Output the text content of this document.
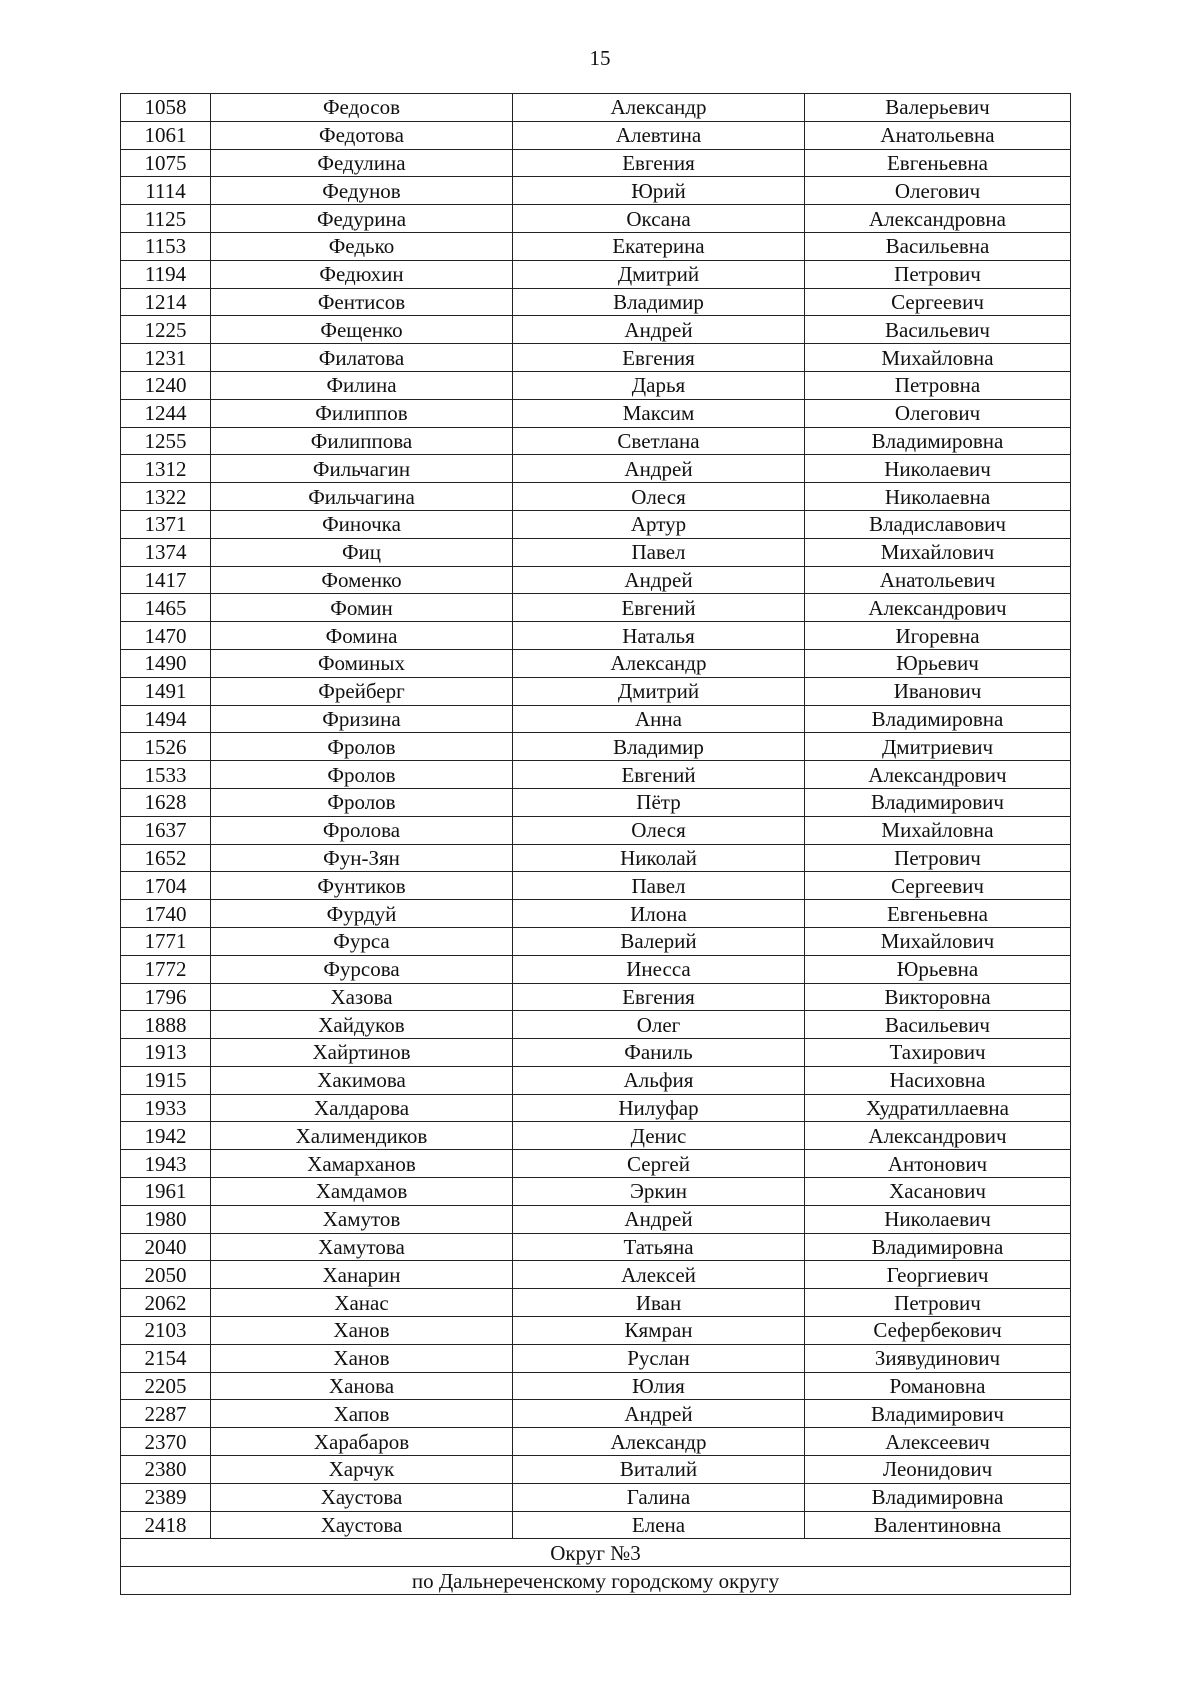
15
1058	Федосов	Александр	Валерьевич
1061	Федотова	Алевтина	Анатольевна
1075	Федулина	Евгения	Евгеньевна
1114	Федунов	Юрий	Олегович
1125	Федурина	Оксана	Александровна
1153	Федько	Екатерина	Васильевна
1194	Федюхин	Дмитрий	Петрович
1214	Фентисов	Владимир	Сергеевич
1225	Фещенко	Андрей	Васильевич
1231	Филатова	Евгения	Михайловна
1240	Филина	Дарья	Петровна
1244	Филиппов	Максим	Олегович
1255	Филиппова	Светлана	Владимировна
1312	Фильчагин	Андрей	Николаевич
1322	Фильчагина	Олеся	Николаевна
1371	Финочка	Артур	Владиславович
1374	Фиц	Павел	Михайлович
1417	Фоменко	Андрей	Анатольевич
1465	Фомин	Евгений	Александрович
1470	Фомина	Наталья	Игоревна
1490	Фоминых	Александр	Юрьевич
1491	Фрейберг	Дмитрий	Иванович
1494	Фризина	Анна	Владимировна
1526	Фролов	Владимир	Дмитриевич
1533	Фролов	Евгений	Александрович
1628	Фролов	Пётр	Владимирович
1637	Фролова	Олеся	Михайловна
1652	Фун-Зян	Николай	Петрович
1704	Фунтиков	Павел	Сергеевич
1740	Фурдуй	Илона	Евгеньевна
1771	Фурса	Валерий	Михайлович
1772	Фурсова	Инесса	Юрьевна
1796	Хазова	Евгения	Викторовна
1888	Хайдуков	Олег	Васильевич
1913	Хайртинов	Фаниль	Тахирович
1915	Хакимова	Альфия	Насиховна
1933	Халдарова	Нилуфар	Худратиллаевна
1942	Халимендиков	Денис	Александрович
1943	Хамарханов	Сергей	Антонович
1961	Хамдамов	Эркин	Хасанович
1980	Хамутов	Андрей	Николаевич
2040	Хамутова	Татьяна	Владимировна
2050	Ханарин	Алексей	Георгиевич
2062	Ханас	Иван	Петрович
2103	Ханов	Кямран	Сефербекович
2154	Ханов	Руслан	Зиявудинович
2205	Ханова	Юлия	Романовна
2287	Хапов	Андрей	Владимирович
2370	Харабаров	Александр	Алексеевич
2380	Харчук	Виталий	Леонидович
2389	Хаустова	Галина	Владимировна
2418	Хаустова	Елена	Валентиновна
Округ №3			
по Дальнереченскому городскому округу			
